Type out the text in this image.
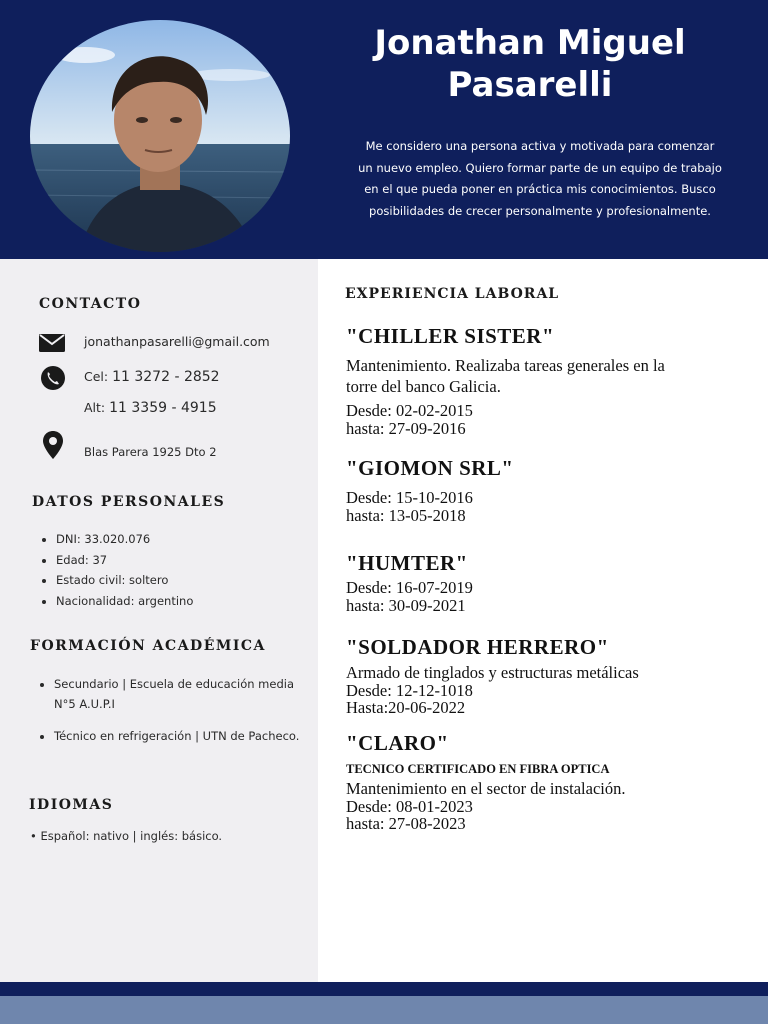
Jonathan Miguel
Pasarelli
Me considero una persona activa y motivada para comenzar
un nuevo empleo. Quiero formar parte de un equipo de trabajo
en el que pueda poner en práctica mis conocimientos. Busco
posibilidades de crecer personalmente y profesionalmente.
CONTACTO
jonathanpasarelli@gmail.com
Cel: 11 3272 - 2852
Alt: 11 3359 - 4915
Blas Parera 1925 Dto 2
DATOS PERSONALES
• DNI: 33.020.076
• Edad: 37
• Estado civil: soltero
• Nacionalidad: argentino
FORMACIÓN ACADÉMICA
• Secundario | Escuela de educación media N°5 A.U.P.I
• Técnico en refrigeración | UTN de Pacheco.
IDIOMAS
• Español: nativo | inglés: básico.
EXPERIENCIA LABORAL
"CHILLER SISTER"
Mantenimiento. Realizaba tareas generales en la
torre del banco Galicia.
Desde: 02-02-2015
hasta: 27-09-2016
"GIOMON SRL"
Desde: 15-10-2016
hasta: 13-05-2018
"HUMTER"
Desde: 16-07-2019
hasta: 30-09-2021
"SOLDADOR HERRERO"
Armado de tinglados y estructuras metálicas
Desde: 12-12-1018
Hasta:20-06-2022
"CLARO"
TECNICO CERTIFICADO EN FIBRA OPTICA
Mantenimiento en el sector de instalación.
Desde: 08-01-2023
hasta: 27-08-2023
